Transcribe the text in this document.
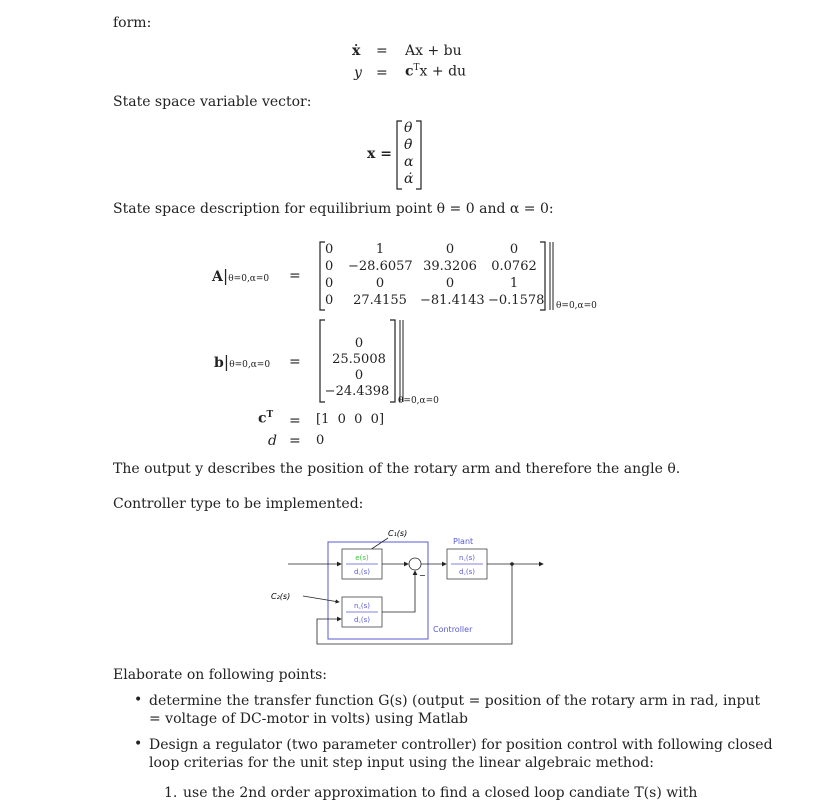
form:
ẋ = Ax + bu
$y = c^Tx$ + du
State space variable vector:
x =
θ
θ̇
α
α̇
State space description for equilibrium point θ = 0 and α = 0:
A|θ=0,α=0 =
0	1	0	0
0	−28.6057 39.3206 0.0762
0	0	0	1
0	27.4155	−81.4143 −0.1578 θ=0,α=0
b|θ=0,α=0 =
0
25.5008
0
−24.4398
θ=0,α=0
$c^T = [1$  0  0  0]
d = 0
The output y describes the position of the rotary arm and therefore the angle θ.
Controller type to be implemented:
C₁(s)
e(s)
d꜀(s)
n꜀(s)
d꜀(s)
−
n꜀(s)
d꜀(s)
Plant
Controller
C₂(s)
Elaborate on following points:
• determine the transfer function G(s) (output = position of the rotary arm in rad, input
= voltage of DC-motor in volts) using Matlab
• Design a regulator (two parameter controller) for position control with following closed
loop criterias for the unit step input using the linear algebraic method:
1. use the 2nd order approximation to find a closed loop candiate T(s) with
